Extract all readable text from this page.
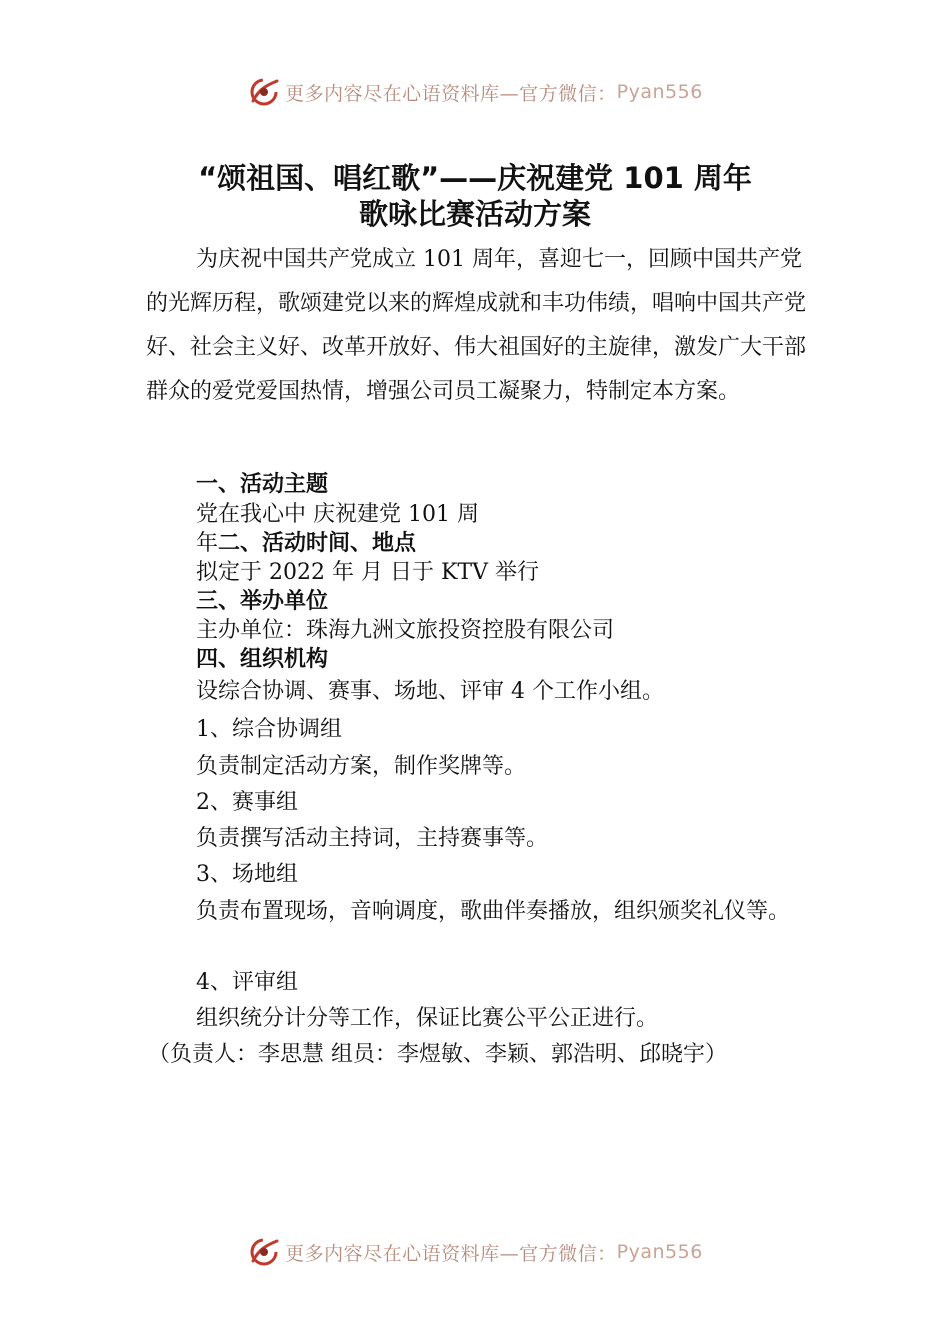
更多内容尽在心语资料库—官方微信： Pyan556
“颂祖国、唱红歌”——庆祝建党 101 周年
歌咏比赛活动方案

为庆祝中国共产党成立 101 周年，喜迎七一，回顾中国共产党的光辉历程，歌颂建党以来的辉煌成就和丰功伟绩，唱响中国共产党好、社会主义好、改革开放好、伟大祖国好的主旋律，激发广大干部群众的爱党爱国热情，增强公司员工凝聚力，特制定本方案。

一、活动主题

党在我心中 庆祝建党 101 周

年二、活动时间、地点

拟定于 2022 年 月 日于 KTV 举行

三、举办单位

主办单位：珠海九洲文旅投资控股有限公司

四、组织机构

设综合协调、赛事、场地、评审 4 个工作小组。

1、综合协调组

负责制定活动方案，制作奖牌等。

2、赛事组

负责撰写活动主持词，主持赛事等。

3、场地组

负责布置现场，音响调度，歌曲伴奏播放，组织颁奖礼仪等。

4、评审组

组织统分计分等工作，保证比赛公平公正进行。

（负责人：李思慧 组员：李煜敏、李颖、郭浩明、邱晓宇）

更多内容尽在心语资料库—官方微信： Pyan556
